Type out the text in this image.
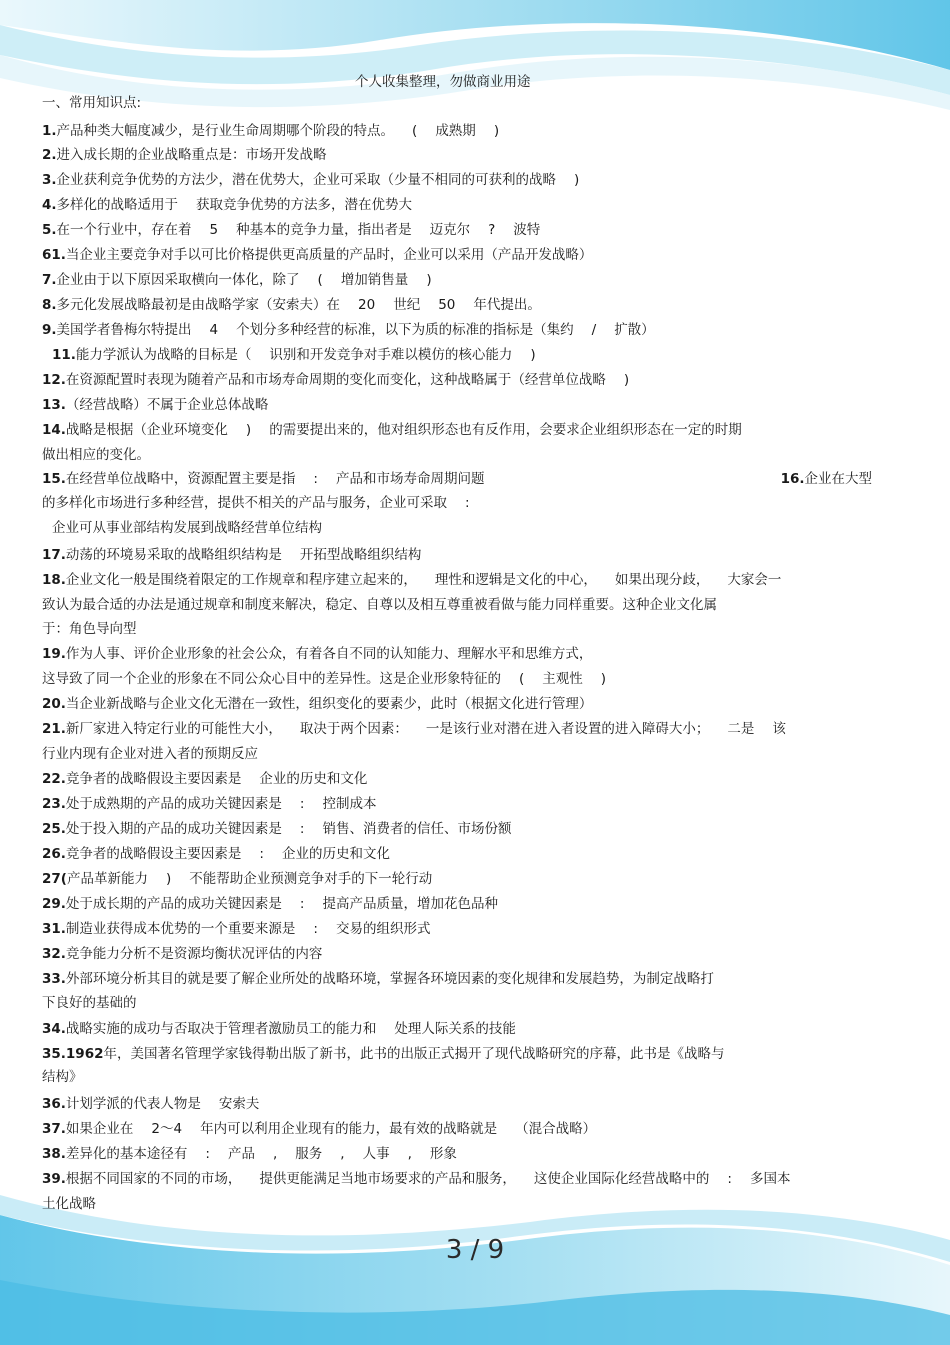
个人收集整理，勿做商业用途
一、常用知识点:
1.产品种类大幅度减少，是行业生命周期哪个阶段的特点。 ( 成熟期 )
2.进入成长期的企业战略重点是：市场开发战略
3.企业获利竞争优势的方法少，潜在优势大，企业可采取（少量不相同的可获利的战略 )
4.多样化的战略适用于 获取竞争优势的方法多，潜在优势大
5.在一个行业中，存在着 5 种基本的竞争力量，指出者是 迈克尔 ? 波特
61.当企业主要竞争对手以可比价格提供更高质量的产品时，企业可以采用（产品开发战略）
7.企业由于以下原因采取横向一体化，除了 ( 增加销售量 )
8.多元化发展战略最初是由战略学家（安索夫）在 20 世纪 50 年代提出。
9.美国学者鲁梅尔特提出 4 个划分多种经营的标准，以下为质的标准的指标是（集约 / 扩散）
11.能力学派认为战略的目标是（ 识别和开发竞争对手难以模仿的核心能力 )
12.在资源配置时表现为随着产品和市场寿命周期的变化而变化，这种战略属于（经营单位战略 )
13.（经营战略）不属于企业总体战略
14.战略是根据（企业环境变化 ) 的需要提出来的，他对组织形态也有反作用，会要求企业组织形态在一定的时期
做出相应的变化。
15.在经营单位战略中，资源配置主要是指 : 产品和市场寿命周期问题	16.企业在大型
的多样化市场进行多种经营，提供不相关的产品与服务，企业可采取 :
企业可从事业部结构发展到战略经营单位结构
17.动荡的环境易采取的战略组织结构是 开拓型战略组织结构
18.企业文化一般是围绕着限定的工作规章和程序建立起来的， 理性和逻辑是文化的中心， 如果出现分歧， 大家会一
致认为最合适的办法是通过规章和制度来解决，稳定、自尊以及相互尊重被看做与能力同样重要。这种企业文化属
于：角色导向型
19.作为人事、评价企业形象的社会公众，有着各自不同的认知能力、理解水平和思维方式，
这导致了同一个企业的形象在不同公众心目中的差异性。这是企业形象特征的 ( 主观性 )
20.当企业新战略与企业文化无潜在一致性，组织变化的要素少，此时（根据文化进行管理）
21.新厂家进入特定行业的可能性大小， 取决于两个因素： 一是该行业对潜在进入者设置的进入障碍大小； 二是 该
行业内现有企业对进入者的预期反应
22.竞争者的战略假设主要因素是 企业的历史和文化
23.处于成熟期的产品的成功关键因素是 : 控制成本
25.处于投入期的产品的成功关键因素是 : 销售、消费者的信任、市场份额
26.竞争者的战略假设主要因素是 : 企业的历史和文化
27(产品革新能力 ) 不能帮助企业预测竞争对手的下一轮行动
29.处于成长期的产品的成功关键因素是 : 提高产品质量，增加花色品种
31.制造业获得成本优势的一个重要来源是 : 交易的组织形式
32.竞争能力分析不是资源均衡状况评估的内容
33.外部环境分析其目的就是要了解企业所处的战略环境，掌握各环境因素的变化规律和发展趋势，为制定战略打
下良好的基础的
34.战略实施的成功与否取决于管理者激励员工的能力和 处理人际关系的技能
35.1962年，美国著名管理学家钱得勒出版了新书，此书的出版正式揭开了现代战略研究的序幕，此书是《战略与
结构》
36.计划学派的代表人物是 安索夫
37.如果企业在 2～4 年内可以利用企业现有的能力，最有效的战略就是 （混合战略）
38.差异化的基本途径有 : 产品 , 服务 , 人事 , 形象
39.根据不同国家的不同的市场， 提供更能满足当地市场要求的产品和服务， 这使企业国际化经营战略中的 : 多国本
土化战略
3 / 9
